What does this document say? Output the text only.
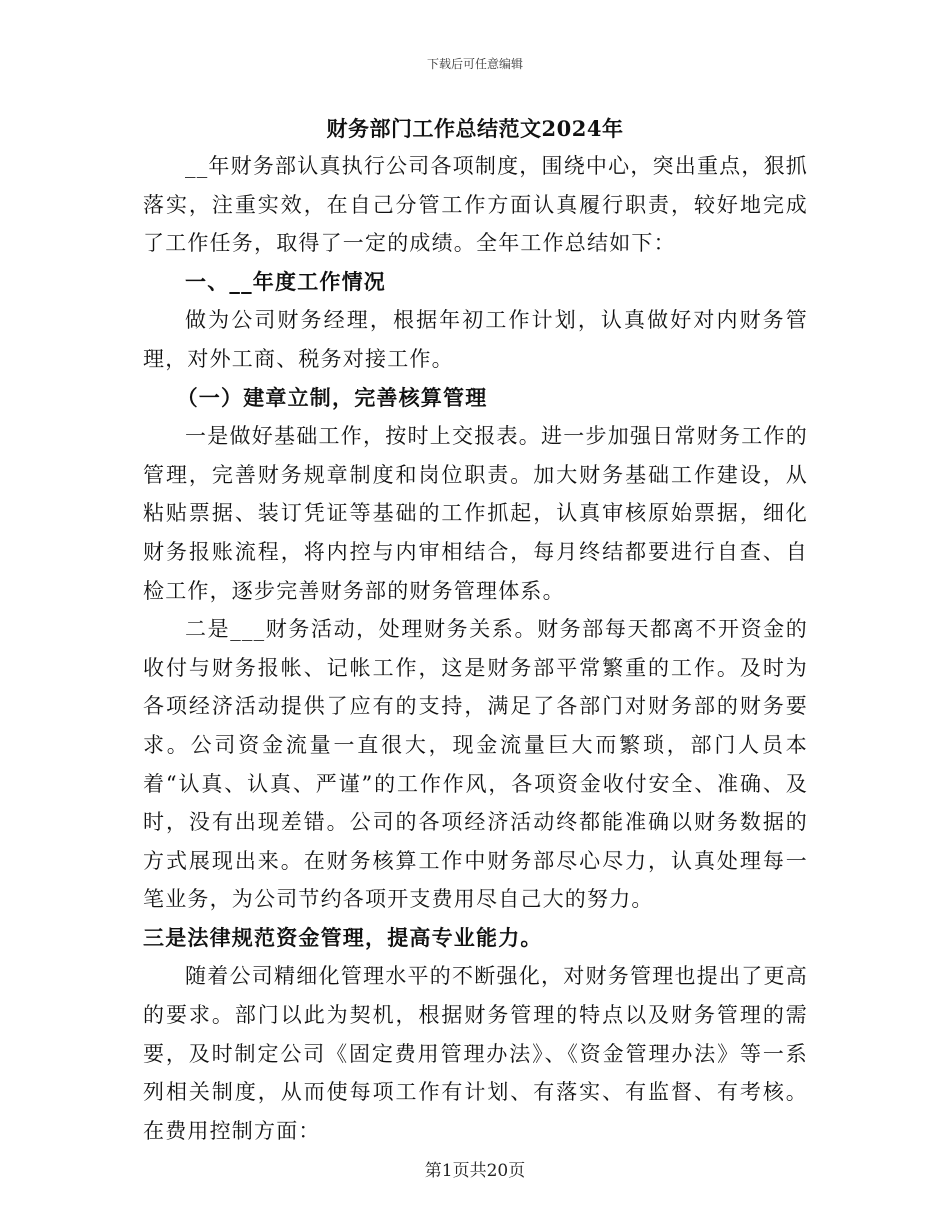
下载后可任意编辑
财务部门工作总结范文2024年

__年财务部认真执行公司各项制度，围绕中心，突出重点，狠抓落实，注重实效，在自己分管工作方面认真履行职责，较好地完成了工作任务，取得了一定的成绩。全年工作总结如下：

一、__年度工作情况

做为公司财务经理，根据年初工作计划，认真做好对内财务管理，对外工商、税务对接工作。

（一）建章立制，完善核算管理

一是做好基础工作，按时上交报表。进一步加强日常财务工作的管理，完善财务规章制度和岗位职责。加大财务基础工作建设，从粘贴票据、装订凭证等基础的工作抓起，认真审核原始票据，细化财务报账流程，将内控与内审相结合，每月终结都要进行自查、自检工作，逐步完善财务部的财务管理体系。

二是___财务活动，处理财务关系。财务部每天都离不开资金的收付与财务报帐、记帐工作，这是财务部平常繁重的工作。及时为各项经济活动提供了应有的支持，满足了各部门对财务部的财务要求。公司资金流量一直很大，现金流量巨大而繁琐，部门人员本着“认真、认真、严谨”的工作作风，各项资金收付安全、准确、及时，没有出现差错。公司的各项经济活动终都能准确以财务数据的方式展现出来。在财务核算工作中财务部尽心尽力，认真处理每一笔业务，为公司节约各项开支费用尽自己大的努力。

三是法律规范资金管理，提高专业能力。

随着公司精细化管理水平的不断强化，对财务管理也提出了更高的要求。部门以此为契机，根据财务管理的特点以及财务管理的需要，及时制定公司《固定费用管理办法》、《资金管理办法》等一系列相关制度，从而使每项工作有计划、有落实、有监督、有考核。在费用控制方面：

第1页共20页
